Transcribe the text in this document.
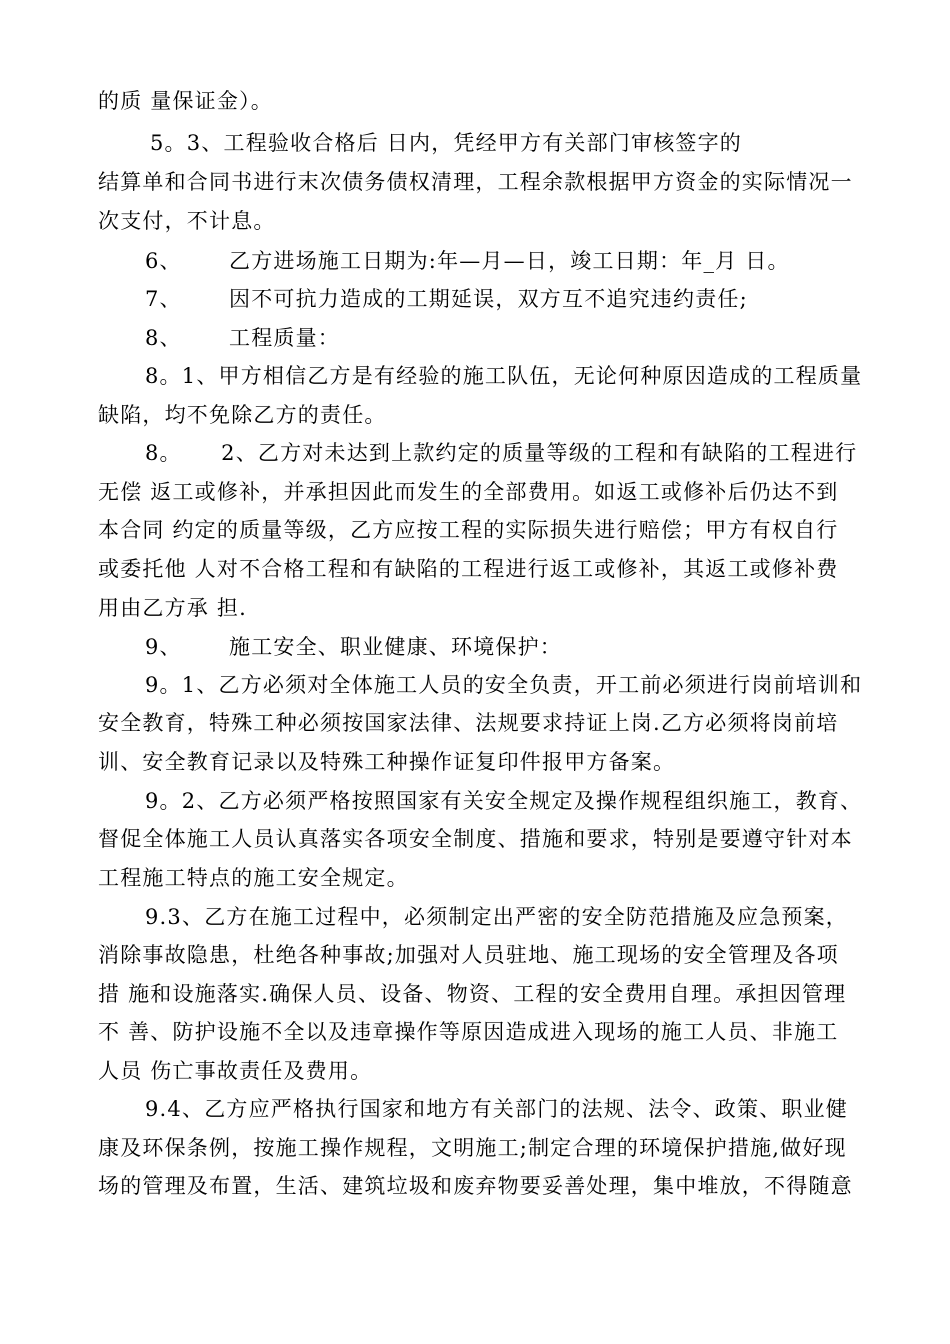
的质 量保证金）。
5。3、工程验收合格后 日内，凭经甲方有关部门审核签字的
结算单和合同书进行末次债务债权清理，工程余款根据甲方资金的实际情况一
次支付，不计息。
6、      乙方进场施工日期为:年—月—日，竣工日期：年_月 日。
7、      因不可抗力造成的工期延误，双方互不追究违约责任;
8、      工程质量：
8。1、甲方相信乙方是有经验的施工队伍，无论何种原因造成的工程质量
缺陷，均不免除乙方的责任。
8。     2、乙方对未达到上款约定的质量等级的工程和有缺陷的工程进行
无偿 返工或修补，并承担因此而发生的全部费用。如返工或修补后仍达不到
本合同 约定的质量等级，乙方应按工程的实际损失进行赔偿；甲方有权自行
或委托他 人对不合格工程和有缺陷的工程进行返工或修补，其返工或修补费
用由乙方承 担.
9、      施工安全、职业健康、环境保护：
9。1、乙方必须对全体施工人员的安全负责，开工前必须进行岗前培训和
安全教育，特殊工种必须按国家法律、法规要求持证上岗.乙方必须将岗前培
训、安全教育记录以及特殊工种操作证复印件报甲方备案。
9。2、乙方必须严格按照国家有关安全规定及操作规程组织施工，教育、
督促全体施工人员认真落实各项安全制度、措施和要求，特别是要遵守针对本
工程施工特点的施工安全规定。
9.3、乙方在施工过程中，必须制定出严密的安全防范措施及应急预案，
消除事故隐患，杜绝各种事故;加强对人员驻地、施工现场的安全管理及各项
措 施和设施落实.确保人员、设备、物资、工程的安全费用自理。承担因管理
不 善、防护设施不全以及违章操作等原因造成进入现场的施工人员、非施工
人员 伤亡事故责任及费用。
9.4、乙方应严格执行国家和地方有关部门的法规、法令、政策、职业健
康及环保条例，按施工操作规程，文明施工;制定合理的环境保护措施,做好现
场的管理及布置，生活、建筑垃圾和废弃物要妥善处理，集中堆放，不得随意
